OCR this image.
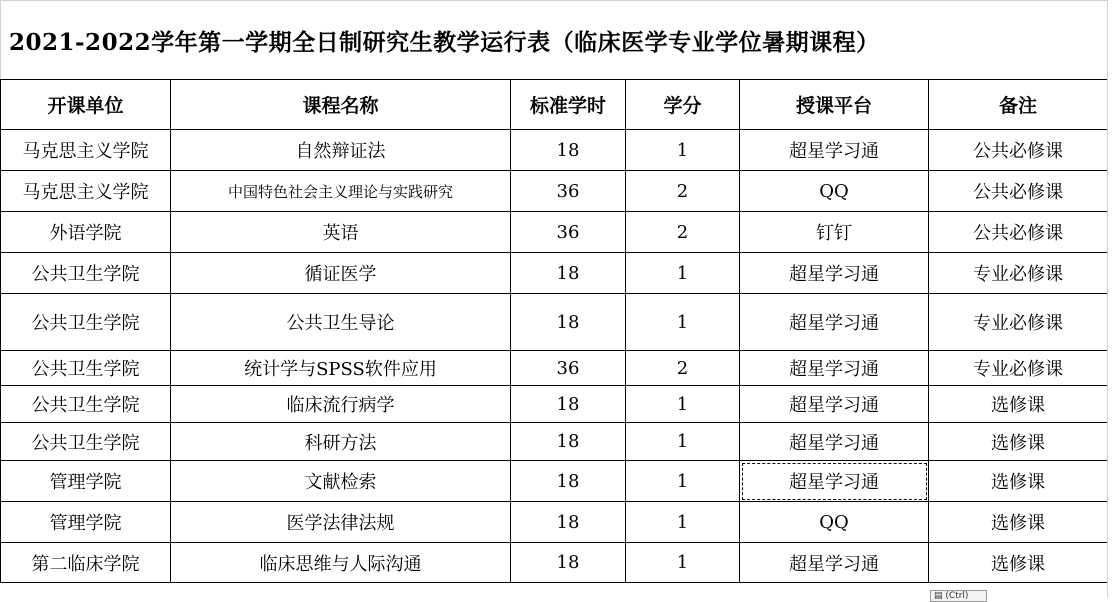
2021-2022学年第一学期全日制研究生教学运行表（临床医学专业学位暑期课程）
开课单位	课程名称	标准学时	学分	授课平台	备注
马克思主义学院	自然辩证法	18	1	超星学习通	公共必修课
马克思主义学院	中国特色社会主义理论与实践研究	36	2	QQ	公共必修课
外语学院	英语	36	2	钉钉	公共必修课
公共卫生学院	循证医学	18	1	超星学习通	专业必修课
公共卫生学院	公共卫生导论	18	1	超星学习通	专业必修课
公共卫生学院	统计学与SPSS软件应用	36	2	超星学习通	专业必修课
公共卫生学院	临床流行病学	18	1	超星学习通	选修课
公共卫生学院	科研方法	18	1	超星学习通	选修课
管理学院	文献检索	18	1	超星学习通	选修课
管理学院	医学法律法规	18	1	QQ	选修课
第二临床学院	临床思维与人际沟通	18	1	超星学习通	选修课
▤ (Ctrl)
